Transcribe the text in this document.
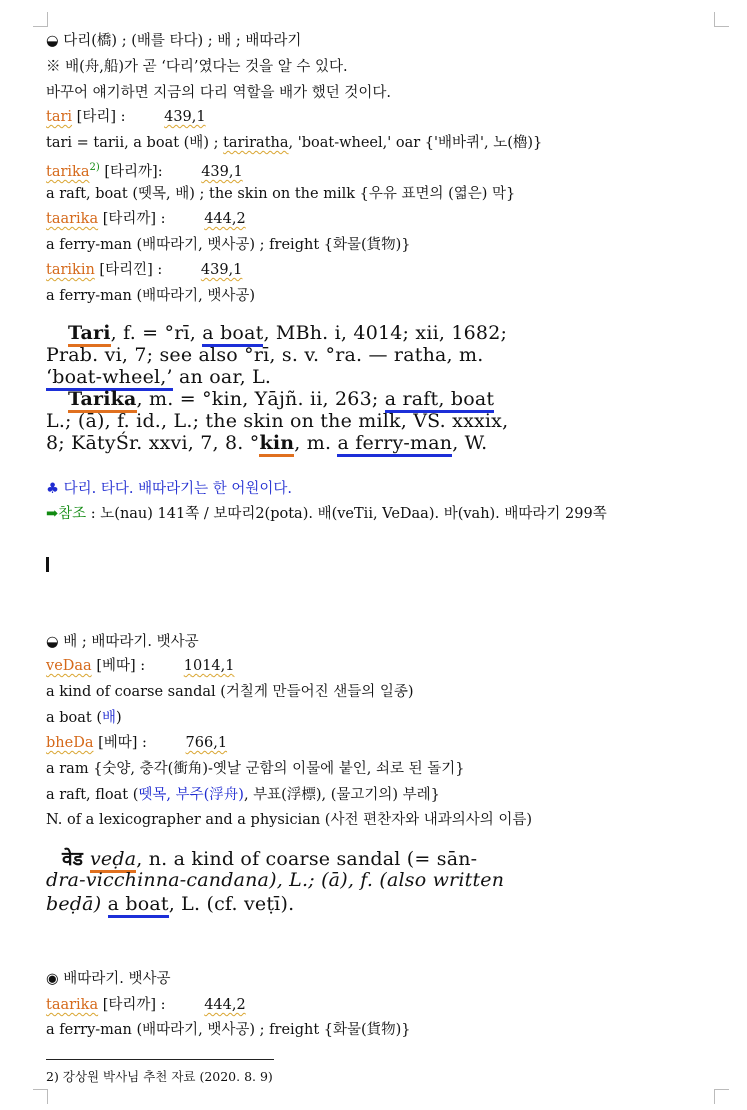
◒ 다리(橋) ; (배를 타다) ; 배 ; 배따라기
※ 배(舟,船)가 곧 ‘다리’였다는 것을 알 수 있다.
바꾸어 얘기하면 지금의 다리 역할을 배가 했던 것이다.
tari [타리] :	439,1
tari = tarii, a boat (배) ; tariratha, 'boat-wheel,' oar {'배바퀴', 노(櫓)}
tarika$^{2)}$ [타리까]:	439,1
a raft, boat (뗏목, 배) ; the skin on the milk {우유 표면의 (엷은) 막}
taarika [타리까] :	444,2
a ferry-man (배따라기, 뱃사공) ; freight {화물(貨物)}
tarikin [타리낀] :	439,1
a ferry-man (배따라기, 뱃사공)
Tari, f. = °rī, a boat, MBh. i, 4014; xii, 1682;
Prab. vi, 7; see also °rī, s. v. °ra. — ratha, m.
‘boat-wheel,’ an oar, L.
Tarika, m. = °kin, Yājñ. ii, 263; a raft, boat
L.; (ā), f. id., L.; the skin on the milk, VS. xxxix,
8; KātyŚr. xxvi, 7, 8. °kin, m. a ferry-man, W.
♣ 다리. 타다. 배따라기는 한 어원이다.
➡참조 : 노(nau) 141쪽 / 보따리2(pota). 배(veTii, VeDaa). 바(vah). 배따라기 299쪽
◒ 배 ; 배따라기. 뱃사공
veDaa [베따] :	1014,1
a kind of coarse sandal (거칠게 만들어진 샌들의 일종)
a boat (배)
bheDa [베따] :	766,1
a ram {숫양, 충각(衝角)-옛날 군함의 이물에 붙인, 쇠로 된 돌기}
a raft, float (뗏목, 부주(浮舟), 부표(浮標), (물고기의) 부레}
N. of a lexicographer and a physician (사전 편찬자와 내과의사의 이름)
वेड veḍa, n. a kind of coarse sandal (= sān-
dra-vicchinna-candana), L.; (ā), f. (also written
beḍā) a boat, L. (cf. veṭī).
◉ 배따라기. 뱃사공
taarika [타리까] :	444,2
a ferry-man (배따라기, 뱃사공) ; freight {화물(貨物)}
2) 강상원 박사님 추천 자료 (2020. 8. 9)
